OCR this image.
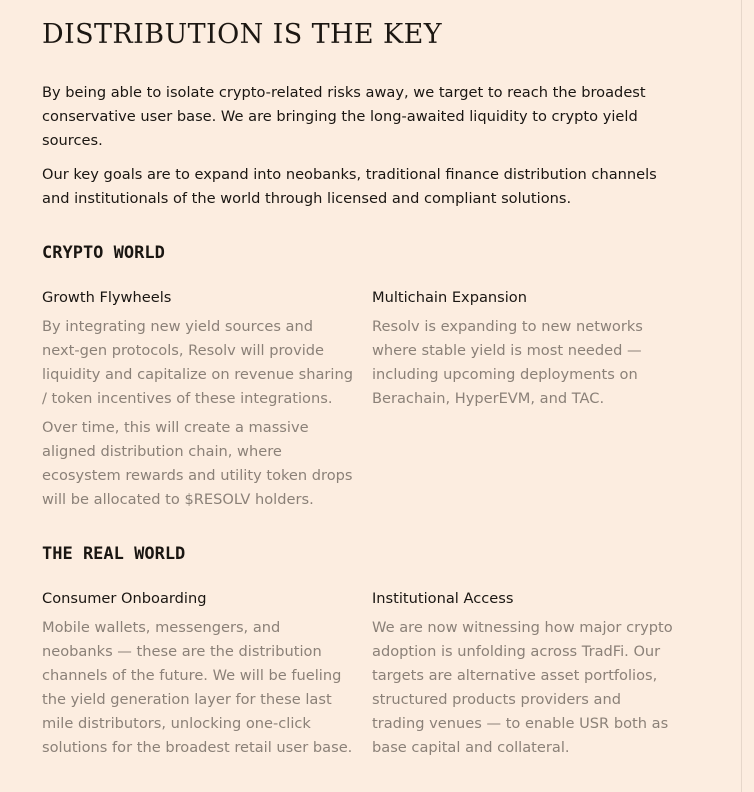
DISTRIBUTION IS THE KEY

By being able to isolate crypto-related risks away, we target to reach the broadest conservative user base. We are bringing the long-awaited liquidity to crypto yield sources.

Our key goals are to expand into neobanks, traditional finance distribution channels and institutionals of the world through licensed and compliant solutions.

CRYPTO WORLD
Growth Flywheels

By integrating new yield sources and next-gen protocols, Resolv will provide liquidity and capitalize on revenue sharing / token incentives of these integrations.

Over time, this will create a massive aligned distribution chain, where ecosystem rewards and utility token drops will be allocated to $RESOLV holders.

Multichain Expansion

Resolv is expanding to new networks where stable yield is most needed — including upcoming deployments on Berachain, HyperEVM, and TAC.

THE REAL WORLD
Consumer Onboarding

Mobile wallets, messengers, and neobanks — these are the distribution channels of the future. We will be fueling the yield generation layer for these last mile distributors, unlocking one-click solutions for the broadest retail user base.

Institutional Access

We are now witnessing how major crypto adoption is unfolding across TradFi. Our targets are alternative asset portfolios, structured products providers and trading venues — to enable USR both as base capital and collateral.
